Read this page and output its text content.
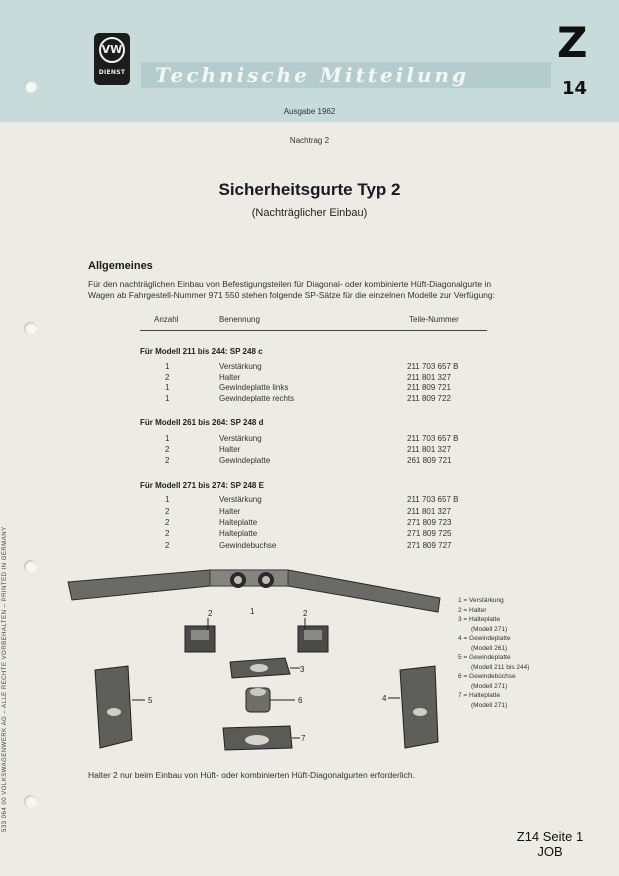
VW
DIENST Technische Mitteilung
Z
14
Ausgabe 1962
Nachtrag 2
Sicherheitsgurte Typ 2
(Nachträglicher Einbau)
Allgemeines
Für den nachträglichen Einbau von Befestigungsteilen für Diagonal- oder kombinierte Hüft-Diagonalgurte in
Wagen ab Fahrgestell-Nummer 971 550 stehen folgende SP-Sätze für die einzelnen Modelle zur Verfügung:
Anzahl	Benennung	Teile-Nummer
Für Modell 211 bis 244: SP 248 c
1	Verstärkung	211 703 657 B
2	Halter	211 801 327
1	Gewindeplatte links	211 809 721
1	Gewindeplatte rechts	211 809 722
Für Modell 261 bis 264: SP 248 d
1	Verstärkung	211 703 657 B
2	Halter	211 801 327
2	Gewindeplatte	261 809 721
Für Modell 271 bis 274: SP 248 E
1	Verstärkung	211 703 657 B
2	Halter	211 801 327
2	Halteplatte	271 809 723
2	Halteplatte	271 809 725
2	Gewindebuchse	271 809 727
1
2	2
3
4
5	6
7
1 = Verstärkung
2 = Halter
3 = Halteplatte
(Modell 271)
4 = Gewindeplatte
(Modell 261)
5 = Gewindeplatte
(Modell 211 bis 244)
6 = Gewindebüchse
(Modell 271)
7 = Halteplatte
(Modell 271)
Halter 2 nur beim Einbau von Hüft- oder kombinierten Hüft-Diagonalgurten erforderlich.
533 064 00 VOLKSWAGENWERK AG – ALLE RECHTE VORBEHALTEN – PRINTED IN GERMANY
Z14 Seite 1
JOB
